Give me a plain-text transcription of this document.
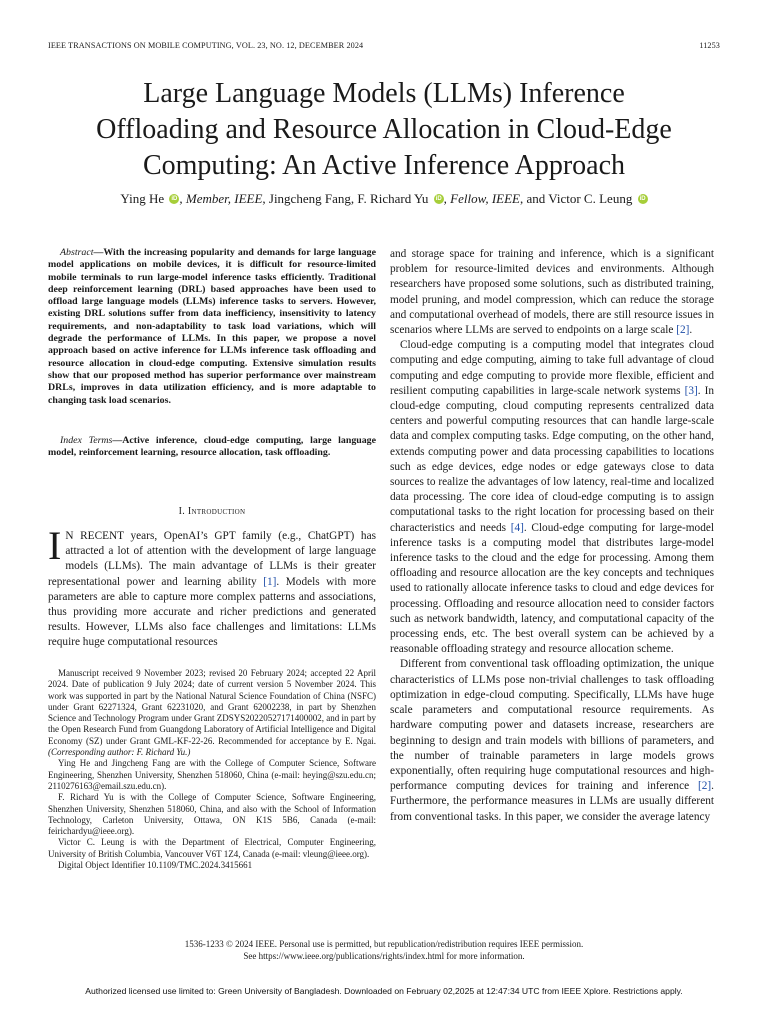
IEEE TRANSACTIONS ON MOBILE COMPUTING, VOL. 23, NO. 12, DECEMBER 2024	11253
Large Language Models (LLMs) Inference
Offloading and Resource Allocation in Cloud-Edge
Computing: An Active Inference Approach
Ying He iD , Member, IEEE, Jingcheng Fang, F. Richard Yu iD , Fellow, IEEE, and Victor C. Leung iD
Abstract—With the increasing popularity and demands for large language model applications on mobile devices, it is difficult for resource-limited mobile terminals to run large-model inference tasks efficiently. Traditional deep reinforcement learning (DRL) based approaches have been used to offload large language models (LLMs) inference tasks to servers. However, existing DRL solutions suffer from data inefficiency, insensitivity to latency requirements, and non-adaptability to task load variations, which will degrade the performance of LLMs. In this paper, we propose a novel approach based on active inference for LLMs inference task offloading and resource allocation in cloud-edge computing. Extensive simulation results show that our proposed method has superior performance over mainstream DRLs, improves in data utilization efficiency, and is more adaptable to changing task load scenarios.
Index Terms—Active inference, cloud-edge computing, large language model, reinforcement learning, resource allocation, task offloading.
I. Introduction
I N RECENT years, OpenAI’s GPT family (e.g., ChatGPT) has attracted a lot of attention with the development of large language models (LLMs). The main advantage of LLMs is their greater representational power and learning ability [1]. Models with more parameters are able to capture more complex patterns and associations, thus providing more accurate and richer predictions and generated results. However, LLMs also face challenges and limitations: LLMs require huge computational resources

Manuscript received 9 November 2023; revised 20 February 2024; accepted 22 April 2024. Date of publication 9 July 2024; date of current version 5 November 2024. This work was supported in part by the National Natural Science Foundation of China (NSFC) under Grant 62271324, Grant 62231020, and Grant 62002238, in part by Shenzhen Science and Technology Program under Grant ZDSYS20220527171400002, and in part by the Open Research Fund from Guangdong Laboratory of Artificial Intelligence and Digital Economy (SZ) under Grant GML-KF-22-26. Recommended for acceptance by E. Ngai. (Corresponding author: F. Richard Yu.)

Ying He and Jingcheng Fang are with the College of Computer Science, Software Engineering, Shenzhen University, Shenzhen 518060, China (e-mail: heying@szu.edu.cn; 2110276163@email.szu.edu.cn).

F. Richard Yu is with the College of Computer Science, Software Engineering, Shenzhen University, Shenzhen 518060, China, and also with the School of Information Technology, Carleton University, Ottawa, ON K1S 5B6, Canada (e-mail: feirichardyu@ieee.org).

Victor C. Leung is with the Department of Electrical, Computer Engineering, University of British Columbia, Vancouver V6T 1Z4, Canada (e-mail: vleung@ieee.org).

Digital Object Identifier 10.1109/TMC.2024.3415661

and storage space for training and inference, which is a significant problem for resource-limited devices and environments. Although researchers have proposed some solutions, such as distributed training, model pruning, and model compression, which can reduce the storage and computational overhead of models, there are still resource issues in scenarios where LLMs are served to endpoints on a large scale [2].

Cloud-edge computing is a computing model that integrates cloud computing and edge computing, aiming to take full advantage of cloud computing and edge computing to provide more flexible, efficient and resilient computing capabilities in large-scale network systems [3]. In cloud-edge computing, cloud computing represents centralized data centers and powerful computing resources that can handle large-scale data and complex computing tasks. Edge computing, on the other hand, extends computing power and data processing capabilities to locations such as edge devices, edge nodes or edge gateways close to data sources to realize the advantages of low latency, real-time and localized data processing. The core idea of cloud-edge computing is to assign computational tasks to the right location for processing based on their characteristics and needs [4]. Cloud-edge computing for large-model inference tasks is a computing model that distributes large-model inference tasks to the cloud and the edge for processing. Among them offloading and resource allocation are the key concepts and techniques used to rationally allocate inference tasks to cloud and edge devices for processing. Offloading and resource allocation need to consider factors such as network bandwidth, latency, and computational capacity of the processing ends, etc. The best overall system can be achieved by a reasonable offloading strategy and resource allocation scheme.

Different from conventional task offloading optimization, the unique characteristics of LLMs pose non-trivial challenges to task offloading optimization in edge-cloud computing. Specifically, LLMs have huge scale parameters and computational resource requirements. As hardware computing power and datasets increase, researchers are beginning to design and train models with billions of parameters, and the number of trainable parameters in large models grows exponentially, often requiring huge computational resources and high-performance computing devices for training and inference [2]. Furthermore, the performance measures in LLMs are usually different from conventional tasks. In this paper, we consider the average latency

1536-1233 © 2024 IEEE. Personal use is permitted, but republication/redistribution requires IEEE permission.
See https://www.ieee.org/publications/rights/index.html for more information.
Authorized licensed use limited to: Green University of Bangladesh. Downloaded on February 02,2025 at 12:47:34 UTC from IEEE Xplore. Restrictions apply.
